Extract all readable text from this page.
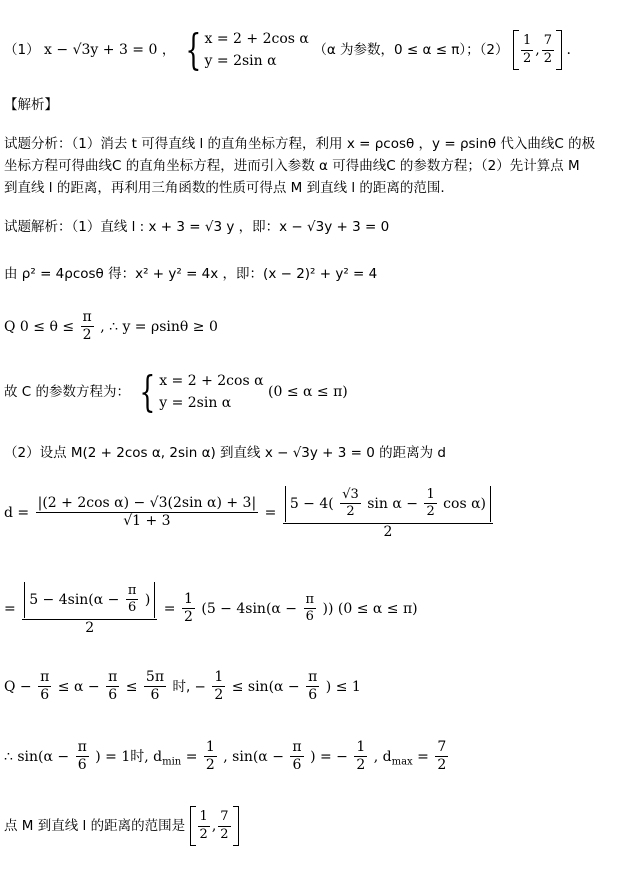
（1） x − √3y + 3 = 0 ， { x = 2 + 2cos α
y = 2sin α
（α 为参数，0 ≤ α ≤ π）；$(2) \frac{1}{2}$ , $\frac{7}{2}$ .
【解析】
试题分析：（1）消去 t 可得直线 l 的直角坐标方程，利用 x = ρcosθ ，y = ρsinθ 代入曲线C 的极
坐标方程可得曲线C 的直角坐标方程，进而引入参数 α 可得曲线C 的参数方程；（2）先计算点 M
到直线 l 的距离，再利用三角函数的性质可得点 M 到直线 l 的距离的范围.
试题解析：（1）直线 l : x + 3 = √3 y ，即：x − √3y + 3 = 0
由 ρ² = 4ρcosθ 得：x² + y² = 4x ，即：(x − 2)² + y² = 4
Q $0 \le \theta \le \frac{\pi}{2}$ , ∴ y = ρsinθ ≥ 0
故 C 的参数方程为： { x = 2 + 2cos α
y = 2sin α
(0 ≤ α ≤ π)
（2）设点 M(2 + 2cos α, 2sin α) 到直线 x − √3y + 3 = 0 的距离为 d
$d = \frac{\text{|(2 + 2cos α) − √3(2sin α) + 3|}}{√1 + 3} = \frac{5 - 4( \frac{√3}{2} \sin \alpha - \frac{1}{2} \cos \alpha)}{2}$
= $\frac{5 - 4\sin(\alpha - \frac{\pi}{6} )}{2} = \frac{1}{2} (5 - 4\sin(\alpha - \frac{\pi}{6}$ )) (0 ≤ α ≤ π)
$Q - \frac{\pi}{6} \le \alpha - \frac{\pi}{6} \le \frac{5\pi}{6}$ 时, − $\frac{1}{2} \le \sin(\alpha - \frac{\pi}{6}$ ) ≤ 1
∴ $\sin(\alpha - \frac{\pi}{6}$ ) = 1时, $d_{min} = \frac{1}{2}$ , $\sin(\alpha - \frac{\pi}{6}$ ) = − $\frac{1}{2}$ , $d_{max} = \frac{7}{2}$
点 M 到直线 l 的距离的范围是 $\frac{1}{2}$ , $\frac{7}{2}$
